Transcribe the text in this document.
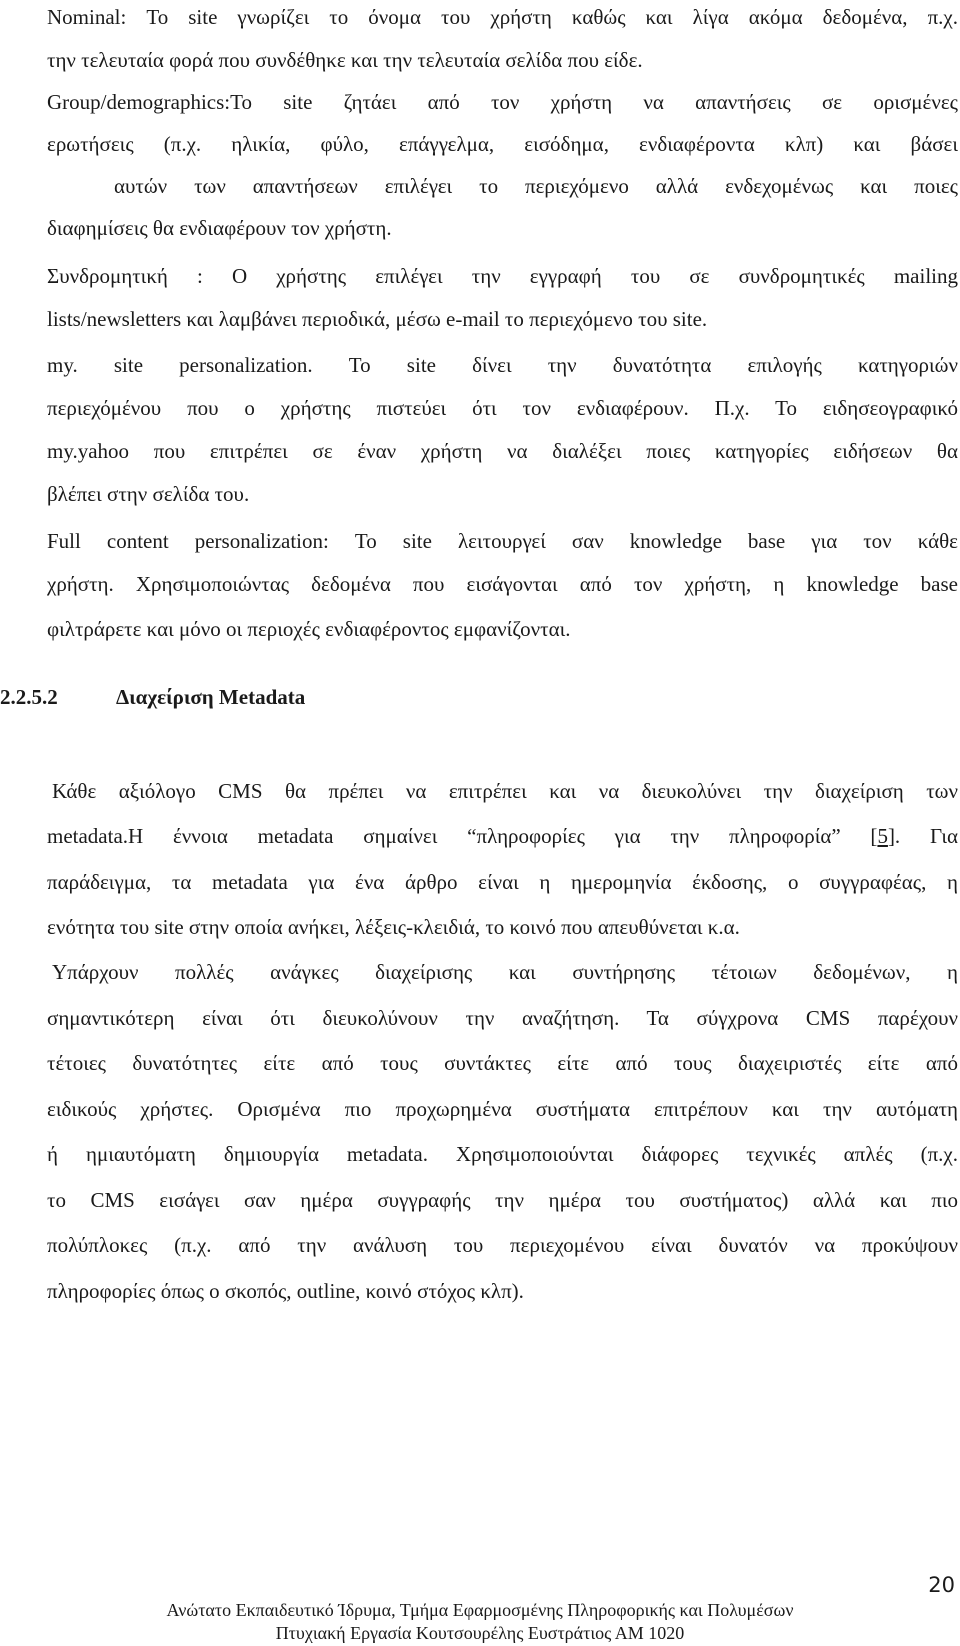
Nominal: Το site γνωρίζει το όνομα του χρήστη καθώς και λίγα ακόμα δεδομένα, π.χ.
την τελευταία φορά που συνδέθηκε και την τελευταία σελίδα που είδε.
Group/demographics:Το site ζητάει από τον χρήστη να απαντήσεις σε ορισμένες
ερωτήσεις (π.χ. ηλικία, φύλο, επάγγελμα, εισόδημα, ενδιαφέροντα κλπ) και βάσει
αυτών των απαντήσεων επιλέγει το περιεχόμενο αλλά ενδεχομένως και ποιες
διαφημίσεις θα ενδιαφέρουν τον χρήστη.
Συνδρομητική : Ο χρήστης επιλέγει την εγγραφή του σε συνδρομητικές mailing
lists/newsletters και λαμβάνει περιοδικά, μέσω e-mail το περιεχόμενο του site.
my. site personalization. Το site δίνει την δυνατότητα επιλογής κατηγοριών
περιεχόμένου που ο χρήστης πιστεύει ότι τον ενδιαφέρουν. Π.χ. Το ειδησεογραφικό
my.yahoo που επιτρέπει σε έναν χρήστη να διαλέξει ποιες κατηγορίες ειδήσεων θα
βλέπει στην σελίδα του.
Full content personalization: Το site λειτουργεί σαν knowledge base για τον κάθε
χρήστη. Χρησιμοποιώντας δεδομένα που εισάγονται από τον χρήστη, η knowledge base
φιλτράρετε και μόνο οι περιοχές ενδιαφέροντος εμφανίζονται.
2.2.5.2	Διαχείριση Metadata
Κάθε αξιόλογο CMS θα πρέπει να επιτρέπει και να διευκολύνει την διαχείριση των
metadata.Η έννοια metadata σημαίνει “πληροφορίες για την πληροφορία” [5]. Για
παράδειγμα, τα metadata για ένα άρθρο είναι η ημερομηνία έκδοσης, ο συγγραφέας, η
ενότητα του site στην οποία ανήκει, λέξεις-κλειδιά, το κοινό που απευθύνεται κ.α.
Υπάρχουν πολλές ανάγκες διαχείρισης και συντήρησης τέτοιων δεδομένων, η
σημαντικότερη είναι ότι διευκολύνουν την αναζήτηση. Τα σύγχρονα CMS παρέχουν
τέτοιες δυνατότητες είτε από τους συντάκτες είτε από τους διαχειριστές είτε από
ειδικούς χρήστες. Ορισμένα πιο προχωρημένα συστήματα επιτρέπουν και την αυτόματη
ή ημιαυτόματη δημιουργία metadata. Χρησιμοποιούνται διάφορες τεχνικές απλές (π.χ.
το CMS εισάγει σαν ημέρα συγγραφής την ημέρα του συστήματος) αλλά και πιο
πολύπλοκες (π.χ. από την ανάλυση του περιεχομένου είναι δυνατόν να προκύψουν
πληροφορίες όπως ο σκοπός, outline, κοινό στόχος κλπ).
20
Ανώτατο Εκπαιδευτικό Ίδρυμα, Τμήμα Εφαρμοσμένης Πληροφορικής και Πολυμέσων
Πτυχιακή Εργασία Κουτσουρέλης Ευστράτιος ΑΜ 1020
